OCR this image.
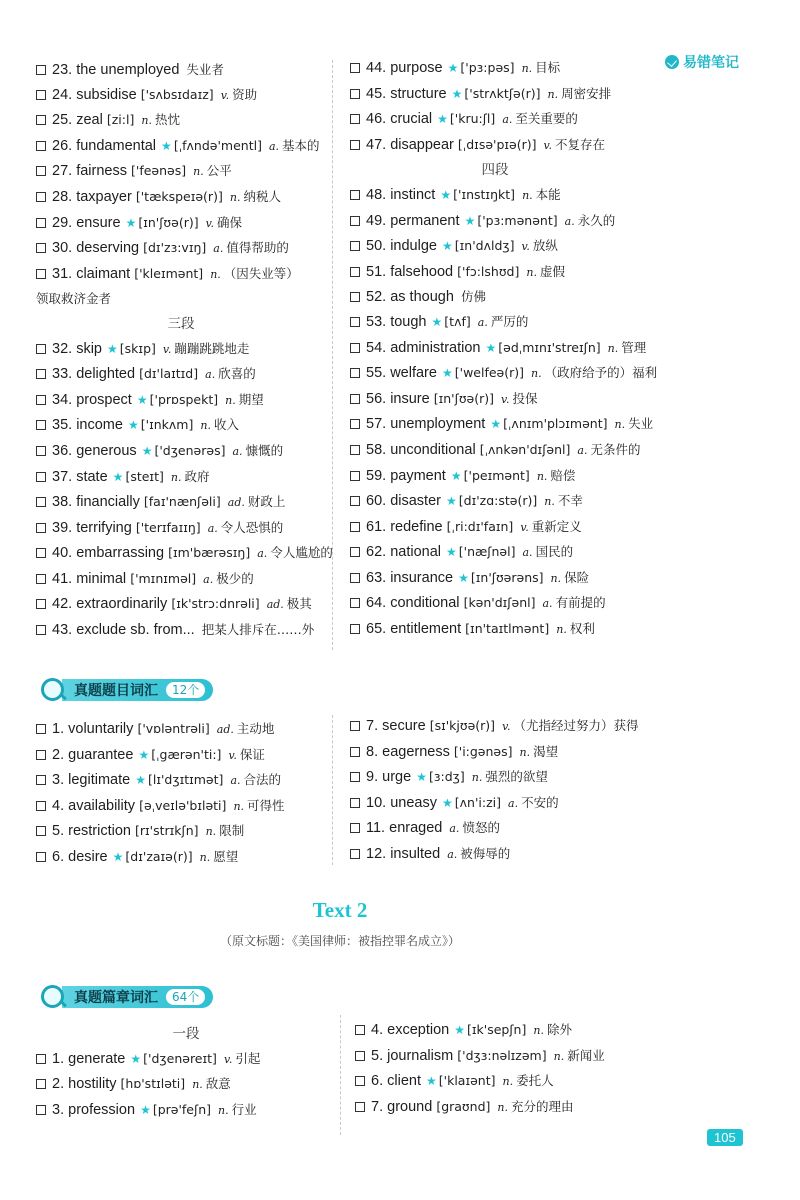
易错笔记
23. the unemployed 失业者
24. subsidise ['sʌbsɪdaɪz] v. 资助
25. zeal [zi:l] n. 热忱
26. fundamental ★ [ˌfʌndə'mentl] a. 基本的
27. fairness ['feənəs] n. 公平
28. taxpayer ['tækspeɪə(r)] n. 纳税人
29. ensure ★ [ɪn'ʃʊə(r)] v. 确保
30. deserving [dɪ'zɜ:vɪŋ] a. 值得帮助的
31. claimant ['kleɪmənt] n. （因失业等）领取救济金者
三段
32. skip ★ [skɪp] v. 蹦蹦跳跳地走
33. delighted [dɪ'laɪtɪd] a. 欣喜的
34. prospect ★ ['prɒspekt] n. 期望
35. income ★ ['ɪnkʌm] n. 收入
36. generous ★ ['dʒenərəs] a. 慷慨的
37. state ★ [steɪt] n. 政府
38. financially [faɪ'nænʃəli] ad. 财政上
39. terrifying ['terɪfaɪɪŋ] a. 令人恐惧的
40. embarrassing [ɪm'bærəsɪŋ] a. 令人尴尬的
41. minimal ['mɪnɪməl] a. 极少的
42. extraordinarily [ɪk'strɔ:dnrəli] ad. 极其
43. exclude sb. from... 把某人排斥在……外
44. purpose ★ ['pɜ:pəs] n. 目标
45. structure ★ ['strʌktʃə(r)] n. 周密安排
46. crucial ★ ['kru:ʃl] a. 至关重要的
47. disappear [ˌdɪsə'pɪə(r)] v. 不复存在
四段
48. instinct ★ ['ɪnstɪŋkt] n. 本能
49. permanent ★ ['pɜ:mənənt] a. 永久的
50. indulge ★ [ɪn'dʌldʒ] v. 放纵
51. falsehood ['fɔ:lshʊd] n. 虚假
52. as though 仿佛
53. tough ★ [tʌf] a. 严厉的
54. administration ★ [ədˌmɪnɪ'streɪʃn] n. 管理
55. welfare ★ ['welfeə(r)] n. （政府给予的）福利
56. insure [ɪn'ʃʊə(r)] v. 投保
57. unemployment ★ [ˌʌnɪm'plɔɪmənt] n. 失业
58. unconditional [ˌʌnkən'dɪʃənl] a. 无条件的
59. payment ★ ['peɪmənt] n. 赔偿
60. disaster ★ [dɪ'zɑ:stə(r)] n. 不幸
61. redefine [ˌri:dɪ'faɪn] v. 重新定义
62. national ★ ['næʃnəl] a. 国民的
63. insurance ★ [ɪn'ʃʊərəns] n. 保险
64. conditional [kən'dɪʃənl] a. 有前提的
65. entitlement [ɪn'taɪtlmənt] n. 权利
真题题目词汇	12个
1. voluntarily ['vɒləntrəli] ad. 主动地
2. guarantee ★ [ˌgærən'ti:] v. 保证
3. legitimate ★ [lɪ'dʒɪtɪmət] a. 合法的
4. availability [əˌveɪlə'bɪləti] n. 可得性
5. restriction [rɪ'strɪkʃn] n. 限制
6. desire ★ [dɪ'zaɪə(r)] n. 愿望
7. secure [sɪ'kjʊə(r)] v. （尤指经过努力）获得
8. eagerness ['i:gənəs] n. 渴望
9. urge ★ [ɜ:dʒ] n. 强烈的欲望
10. uneasy ★ [ʌn'i:zi] a. 不安的
11. enraged a. 愤怒的
12. insulted a. 被侮辱的
Text 2
（原文标题：《美国律师：被指控罪名成立》）
真题篇章词汇	64个
一段
1. generate ★ ['dʒenəreɪt] v. 引起
2. hostility [hɒ'stɪləti] n. 敌意
3. profession ★ [prə'feʃn] n. 行业
4. exception ★ [ɪk'sepʃn] n. 除外
5. journalism ['dʒɜ:nəlɪzəm] n. 新闻业
6. client ★ ['klaɪənt] n. 委托人
7. ground [graʊnd] n. 充分的理由
105
